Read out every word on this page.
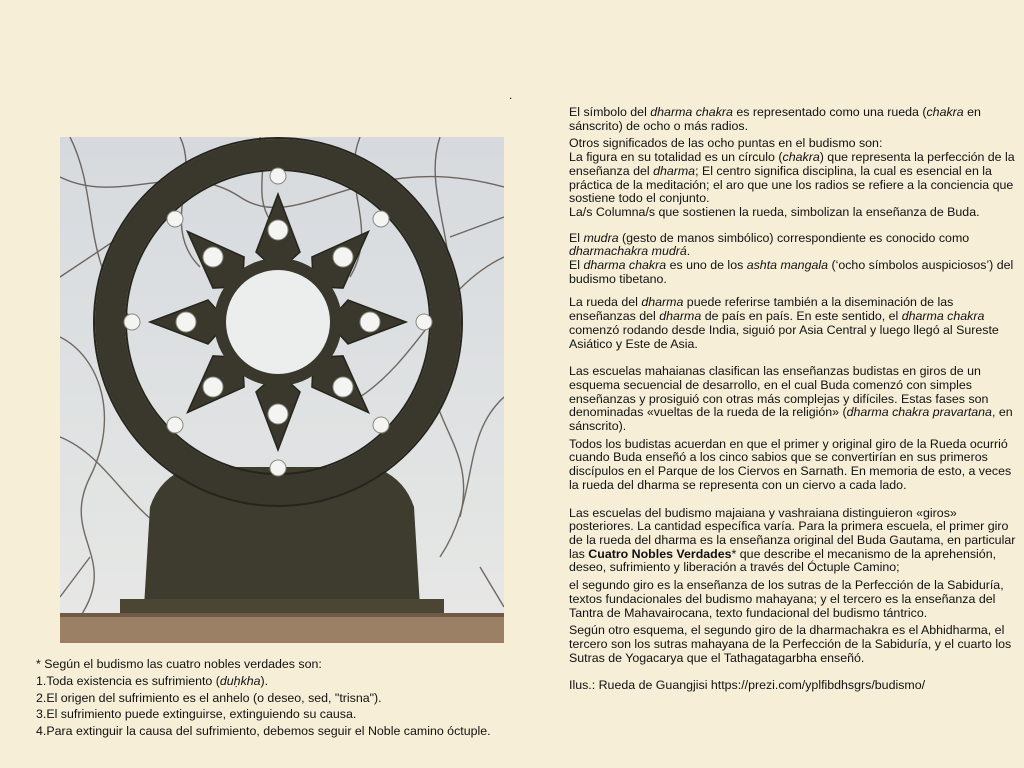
.
* Según el budismo las cuatro nobles verdades son:
1.Toda existencia es sufrimiento (duḥkha).
2.El origen del sufrimiento es el anhelo (o deseo, sed, "trisna").
3.El sufrimiento puede extinguirse, extinguiendo su causa.
4.Para extinguir la causa del sufrimiento, debemos seguir el Noble camino óctuple.

El símbolo del dharma chakra es representado como una rueda (chakra en sánscrito) de ocho o más radios.

Otros significados de las ocho puntas en el budismo son:
La figura en su totalidad es un círculo (chakra) que representa la perfección de la enseñanza del dharma; El centro significa disciplina, la cual es esencial en la práctica de la meditación; el aro que une los radios se refiere a la conciencia que sostiene todo el conjunto.
La/s Columna/s que sostienen la rueda, simbolizan la enseñanza de Buda.

El mudra (gesto de manos simbólico) correspondiente es conocido como dharmachakra mudrá.
El dharma chakra es uno de los ashta mangala (‘ocho símbolos auspiciosos’) del budismo tibetano.

La rueda del dharma puede referirse también a la diseminación de las enseñanzas del dharma de país en país. En este sentido, el dharma chakra comenzó rodando desde India, siguió por Asia Central y luego llegó al Sureste Asiático y Este de Asia.

Las escuelas mahaianas clasifican las enseñanzas budistas en giros de un esquema secuencial de desarrollo, en el cual Buda comenzó con simples enseñanzas y prosiguió con otras más complejas y difíciles. Estas fases son denominadas «vueltas de la rueda de la religión» (dharma chakra pravartana, en sánscrito).

Todos los budistas acuerdan en que el primer y original giro de la Rueda ocurrió cuando Buda enseñó a los cinco sabios que se convertirían en sus primeros discípulos en el Parque de los Ciervos en Sarnath. En memoria de esto, a veces la rueda del dharma se representa con un ciervo a cada lado.

Las escuelas del budismo majaiana y vashraiana distinguieron «giros» posteriores. La cantidad específica varía. Para la primera escuela, el primer giro de la rueda del dharma es la enseñanza original del Buda Gautama, en particular las Cuatro Nobles Verdades* que describe el mecanismo de la aprehensión, deseo, sufrimiento y liberación a través del Óctuple Camino;

el segundo giro es la enseñanza de los sutras de la Perfección de la Sabiduría, textos fundacionales del budismo mahayana; y el tercero es la enseñanza del Tantra de Mahavairocana, texto fundacional del budismo tántrico.

Según otro esquema, el segundo giro de la dharmachakra es el Abhidharma, el tercero son los sutras mahayana de la Perfección de la Sabiduría, y el cuarto los Sutras de Yogacarya que el Tathagatagarbha enseñó.

Ilus.: Rueda de Guangjisi https://prezi.com/yplfibdhsgrs/budismo/
